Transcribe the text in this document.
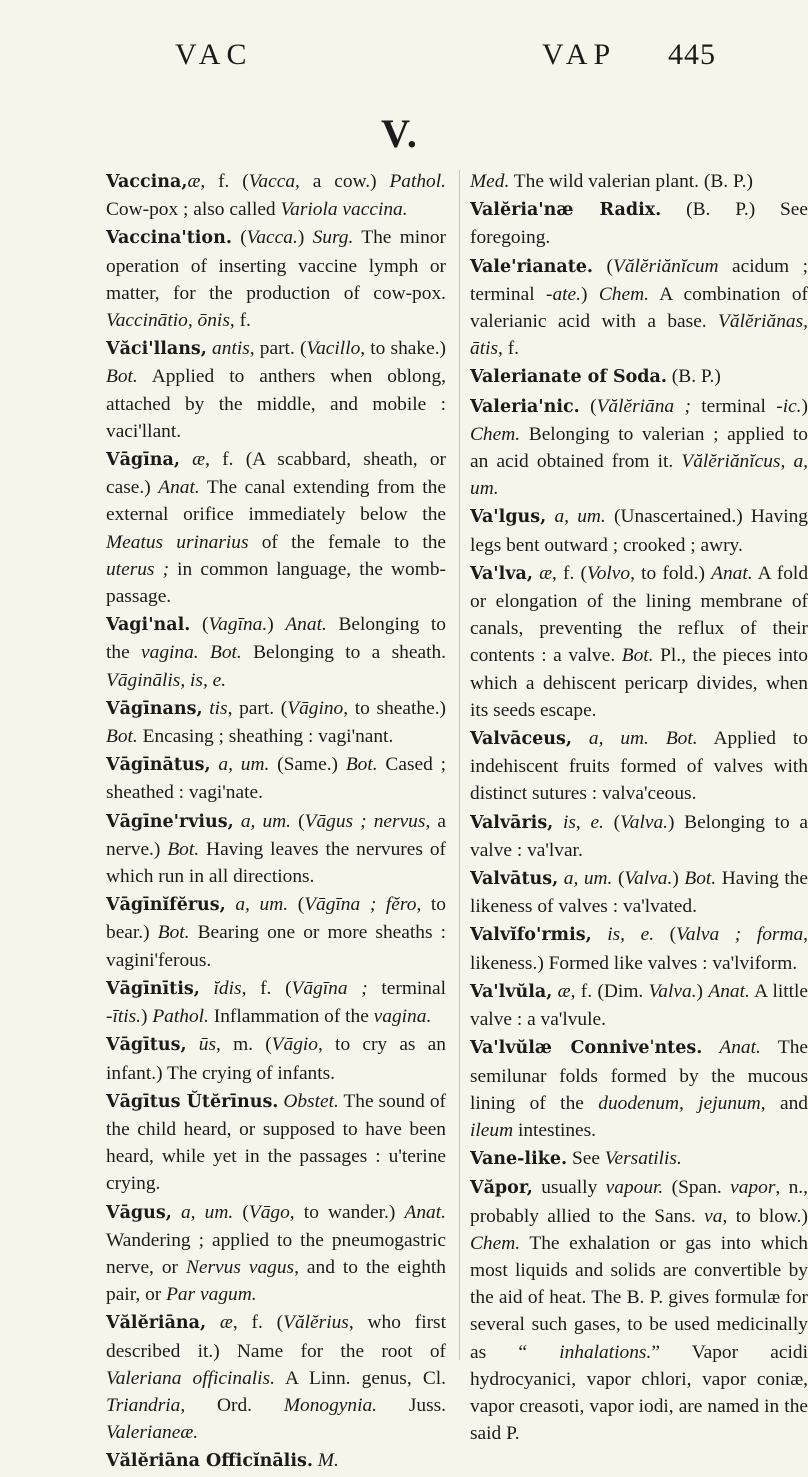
VAC	VAP 445
V.

Vaccina,æ, f. (Vacca, a cow.) Pathol. Cow-pox ; also called Variola vaccina.

Vaccina'tion. (Vacca.) Surg. The minor operation of inserting vaccine lymph or matter, for the production of cow-pox. Vaccinātio, ōnis, f.

Văci'llans, antis, part. (Vacillo, to shake.) Bot. Applied to anthers when oblong, attached by the middle, and mobile : vaci'llant.

Vāgīna, æ, f. (A scabbard, sheath, or case.) Anat. The canal extending from the external orifice immediately below the Meatus urinarius of the female to the uterus ; in common language, the womb-passage.

Vagi'nal. (Vagīna.) Anat. Belonging to the vagina. Bot. Belonging to a sheath. Vāginālis, is, e.

Vāgīnans, tis, part. (Vāgino, to sheathe.) Bot. Encasing ; sheathing : vagi'nant.

Vāgīnātus, a, um. (Same.) Bot. Cased ; sheathed : vagi'nate.

Vāgīne'rvius, a, um. (Vāgus ; nervus, a nerve.) Bot. Having leaves the nervures of which run in all directions.

Vāgīnĭfĕrus, a, um. (Vāgīna ; fĕro, to bear.) Bot. Bearing one or more sheaths : vagini'ferous.

Vāgīnītis, ĭdis, f. (Vāgīna ; terminal -ītis.) Pathol. Inflammation of the vagina.

Vāgītus, ūs, m. (Vāgio, to cry as an infant.) The crying of infants.

Vāgītus Ŭtĕrīnus. Obstet. The sound of the child heard, or supposed to have been heard, while yet in the passages : u'terine crying.

Vāgus, a, um. (Vāgo, to wander.) Anat. Wandering ; applied to the pneumogastric nerve, or Nervus vagus, and to the eighth pair, or Par vagum.

Vălĕriāna, æ, f. (Vălĕrius, who first described it.) Name for the root of Valeriana officinalis. A Linn. genus, Cl. Triandria, Ord. Monogynia. Juss. Valerianeæ.

Vălĕriāna Officĭnālis. M.

Med. The wild valerian plant. (B. P.)

Valĕria'næ Radix. (B. P.) See foregoing.

Vale'rianate. (Vălĕriănĭcum acidum ; terminal -ate.) Chem. A combination of valerianic acid with a base. Vălĕriănas, ātis, f.

Valerianate of Soda. (B. P.)

Valeria'nic. (Vălĕriāna ; terminal -ic.) Chem. Belonging to valerian ; applied to an acid obtained from it. Vălĕriănĭcus, a, um.

Va'lgus, a, um. (Unascertained.) Having legs bent outward ; crooked ; awry.

Va'lva, æ, f. (Volvo, to fold.) Anat. A fold or elongation of the lining membrane of canals, preventing the reflux of their contents : a valve. Bot. Pl., the pieces into which a dehiscent pericarp divides, when its seeds escape.

Valvāceus, a, um. Bot. Applied to indehiscent fruits formed of valves with distinct sutures : valva'ceous.

Valvāris, is, e. (Valva.) Belonging to a valve : va'lvar.

Valvātus, a, um. (Valva.) Bot. Having the likeness of valves : va'lvated.

Valvĭfo'rmis, is, e. (Valva ; forma, likeness.) Formed like valves : va'lviform.

Va'lvŭla, æ, f. (Dim. Valva.) Anat. A little valve : a va'lvule.

Va'lvŭlæ Conniveˈntes. Anat. The semilunar folds formed by the mucous lining of the duodenum, jejunum, and ileum intestines.

Vane-like. See Versatilis.

Văpor, usually vapour. (Span. vapor, n., probably allied to the Sans. va, to blow.) Chem. The exhalation or gas into which most liquids and solids are convertible by the aid of heat. The B. P. gives formulæ for several such gases, to be used medicinally as “ inhalations.” Vapor acidi hydrocyanici, vapor chlori, vapor coniæ, vapor creasoti, vapor iodi, are named in the said P.
